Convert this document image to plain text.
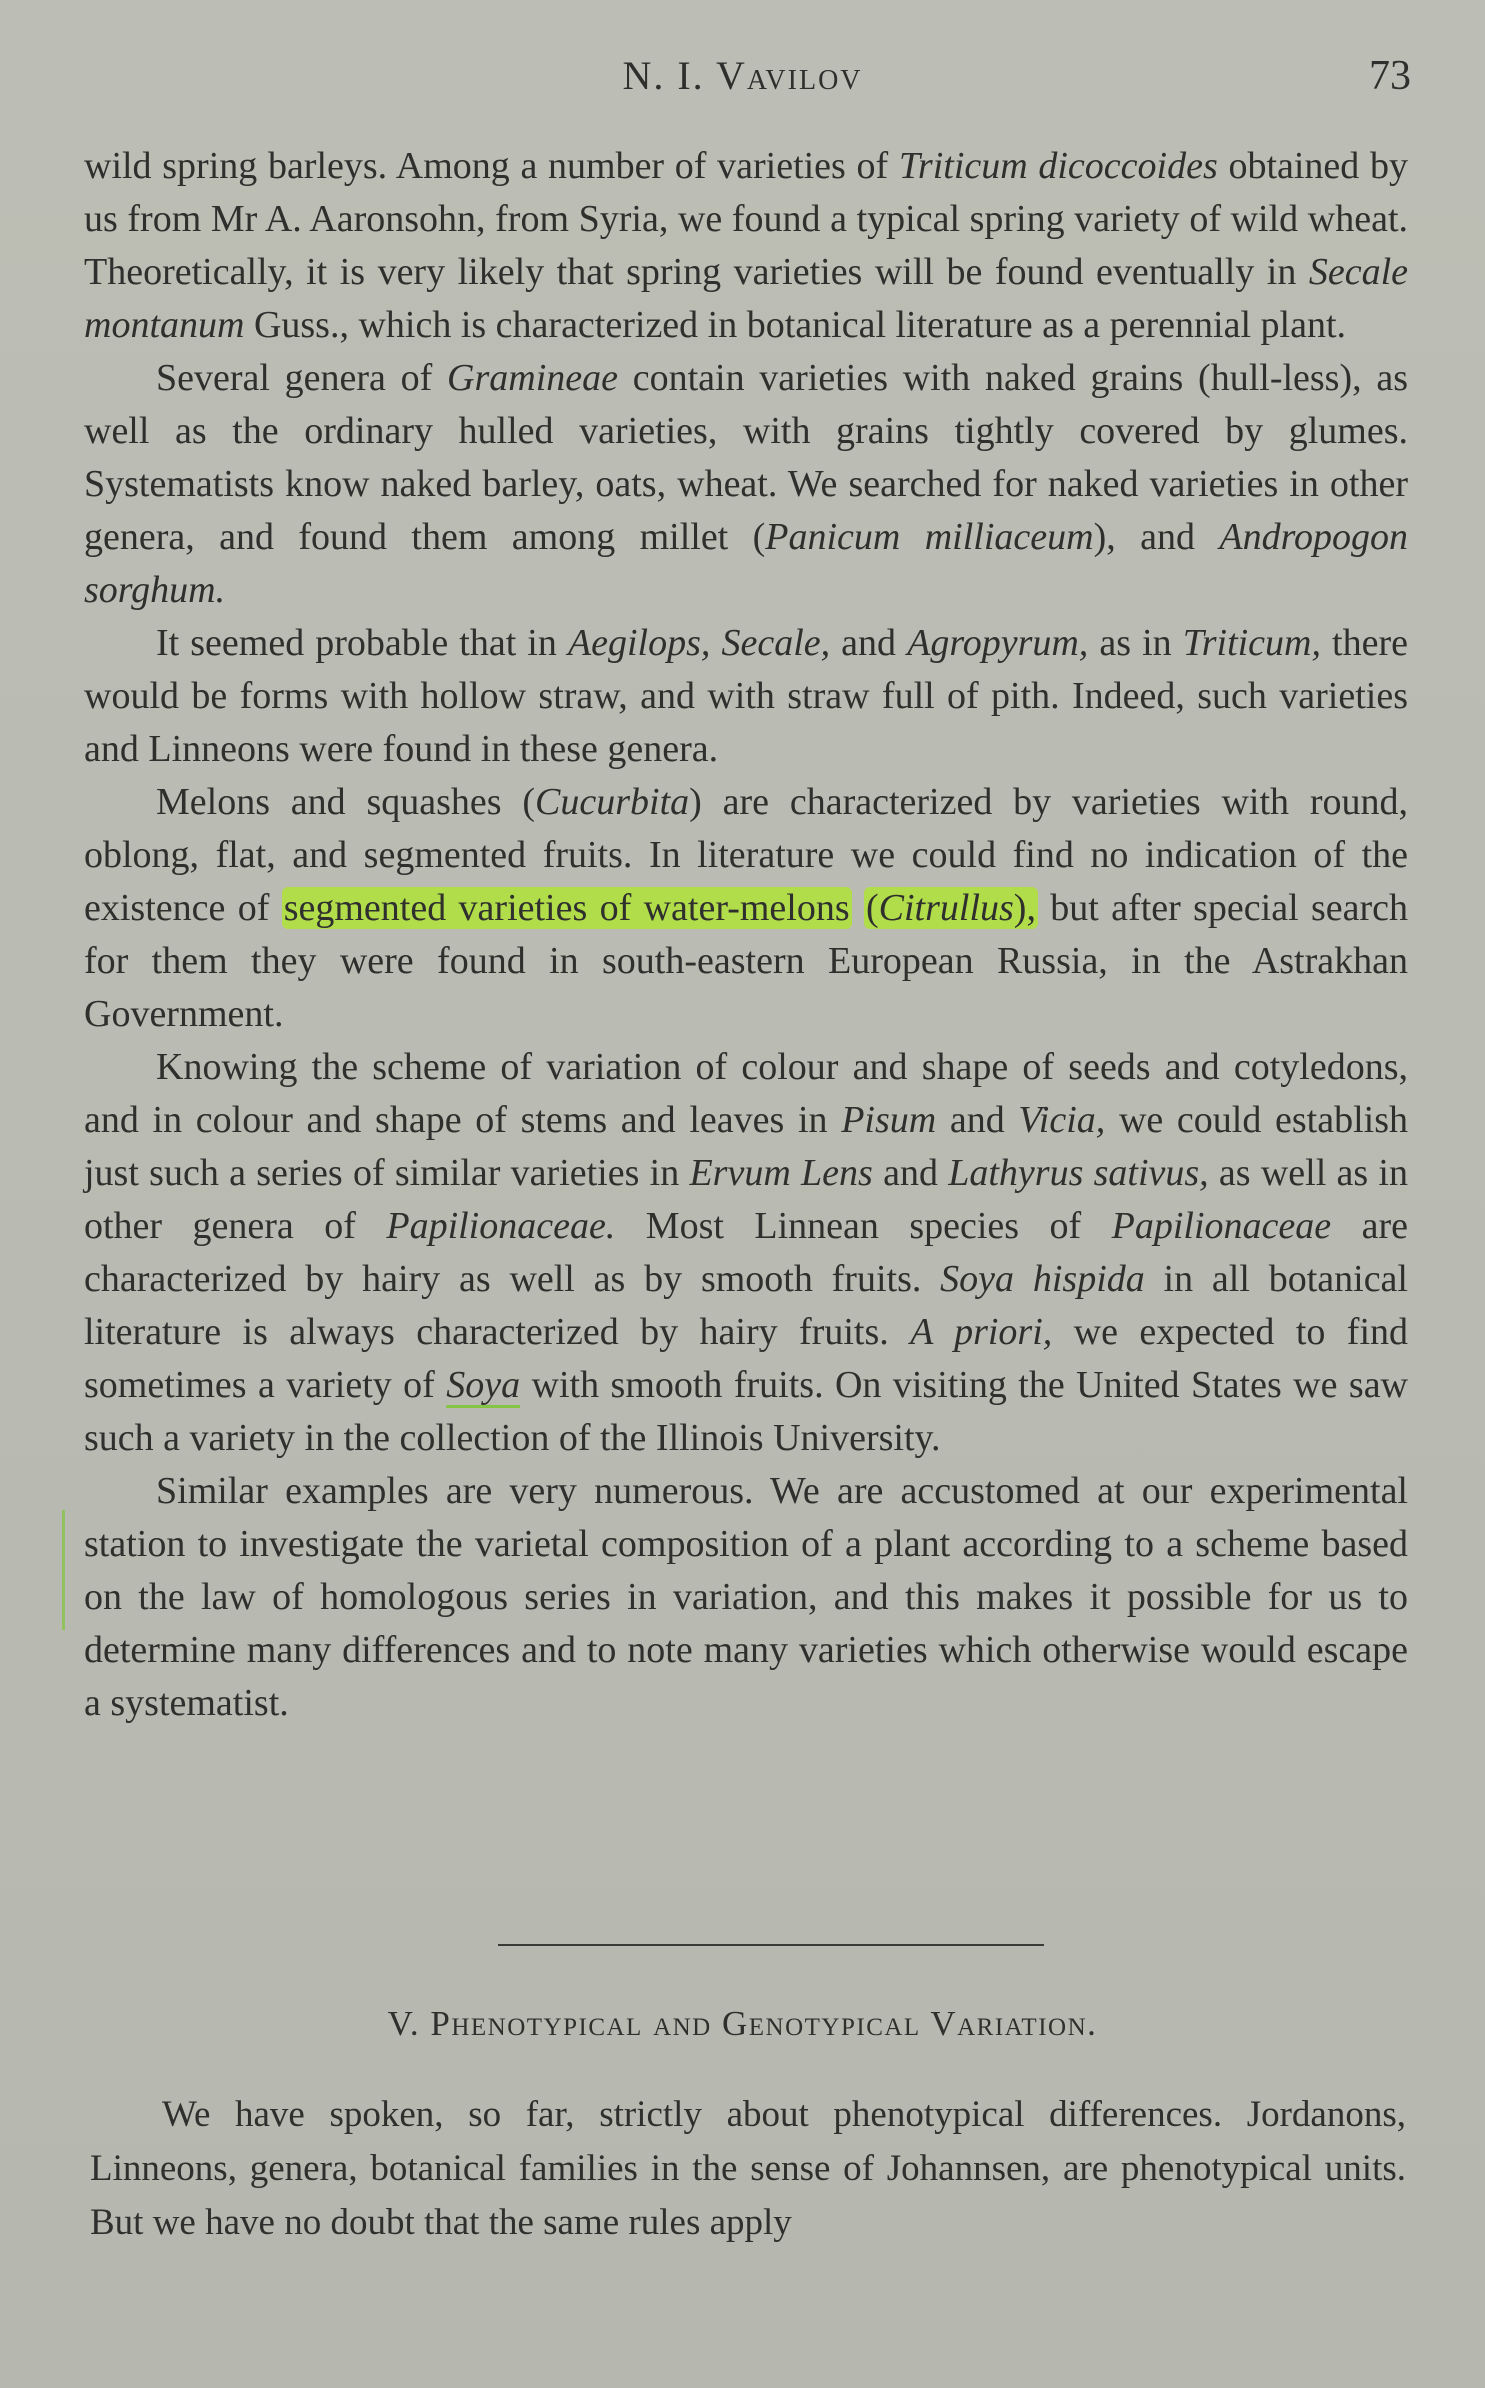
N. I. Vavilov	73

wild spring barleys. Among a number of varieties of Triticum dicoccoides obtained by us from Mr A. Aaronsohn, from Syria, we found a typical spring variety of wild wheat. Theoretically, it is very likely that spring varieties will be found eventually in Secale montanum Guss., which is characterized in botanical literature as a perennial plant.

Several genera of Gramineae contain varieties with naked grains (hull-less), as well as the ordinary hulled varieties, with grains tightly covered by glumes. Systematists know naked barley, oats, wheat. We searched for naked varieties in other genera, and found them among millet (Panicum milliaceum), and Andropogon sorghum.

It seemed probable that in Aegilops, Secale, and Agropyrum, as in Triticum, there would be forms with hollow straw, and with straw full of pith. Indeed, such varieties and Linneons were found in these genera.

Melons and squashes (Cucurbita) are characterized by varieties with round, oblong, flat, and segmented fruits. In literature we could find no indication of the existence of segmented varieties of water-melons (Citrullus), but after special search for them they were found in south-eastern European Russia, in the Astrakhan Government.

Knowing the scheme of variation of colour and shape of seeds and cotyledons, and in colour and shape of stems and leaves in Pisum and Vicia, we could establish just such a series of similar varieties in Ervum Lens and Lathyrus sativus, as well as in other genera of Papilionaceae. Most Linnean species of Papilionaceae are characterized by hairy as well as by smooth fruits. Soya hispida in all botanical literature is always characterized by hairy fruits. A priori, we expected to find sometimes a variety of Soya with smooth fruits. On visiting the United States we saw such a variety in the collection of the Illinois University.

Similar examples are very numerous. We are accustomed at our experimental station to investigate the varietal composition of a plant according to a scheme based on the law of homologous series in variation, and this makes it possible for us to determine many differences and to note many varieties which otherwise would escape a systematist.

V. Phenotypical and Genotypical Variation.

We have spoken, so far, strictly about phenotypical differences. Jordanons, Linneons, genera, botanical families in the sense of Johannsen, are phenotypical units. But we have no doubt that the same rules apply
